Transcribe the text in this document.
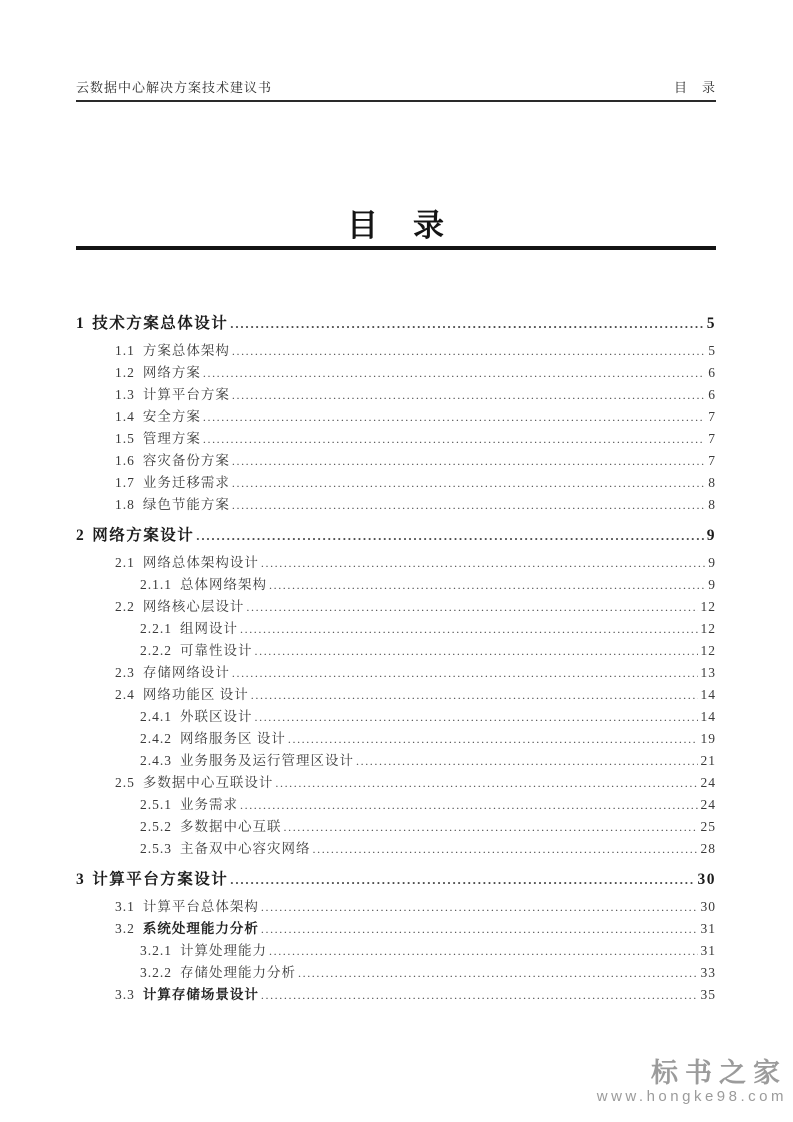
云数据中心解决方案技术建议书	目　录
目　录
1 技术方案总体设计 .....	5
1.1 方案总体架构 .....	5
1.2 网络方案 .....	6
1.3 计算平台方案 .....	6
1.4 安全方案 .....	7
1.5 管理方案 .....	7
1.6 容灾备份方案 .....	7
1.7 业务迁移需求 .....	8
1.8 绿色节能方案 .....	8
2 网络方案设计 .....	9
2.1 网络总体架构设计 .....	9
2.1.1 总体网络架构 .....	9
2.2 网络核心层设计 .....	12
2.2.1 组网设计 .....	12
2.2.2 可靠性设计 .....	12
2.3 存储网络设计 .....	13
2.4 网络功能区 设计 .....	14
2.4.1 外联区设计 .....	14
2.4.2 网络服务区 设计 .....	19
2.4.3 业务服务及运行管理区设计 .....	21
2.5 多数据中心互联设计 .....	24
2.5.1 业务需求 .....	24
2.5.2 多数据中心互联 .....	25
2.5.3 主备双中心容灾网络 .....	28
3 计算平台方案设计 .....	30
3.1 计算平台总体架构 .....	30
3.2 系统处理能力分析 .....	31
3.2.1 计算处理能力 .....	31
3.2.2 存储处理能力分析 .....	33
3.3 计算存储场景设计 .....	35
标书之家
www.hongke98.com
